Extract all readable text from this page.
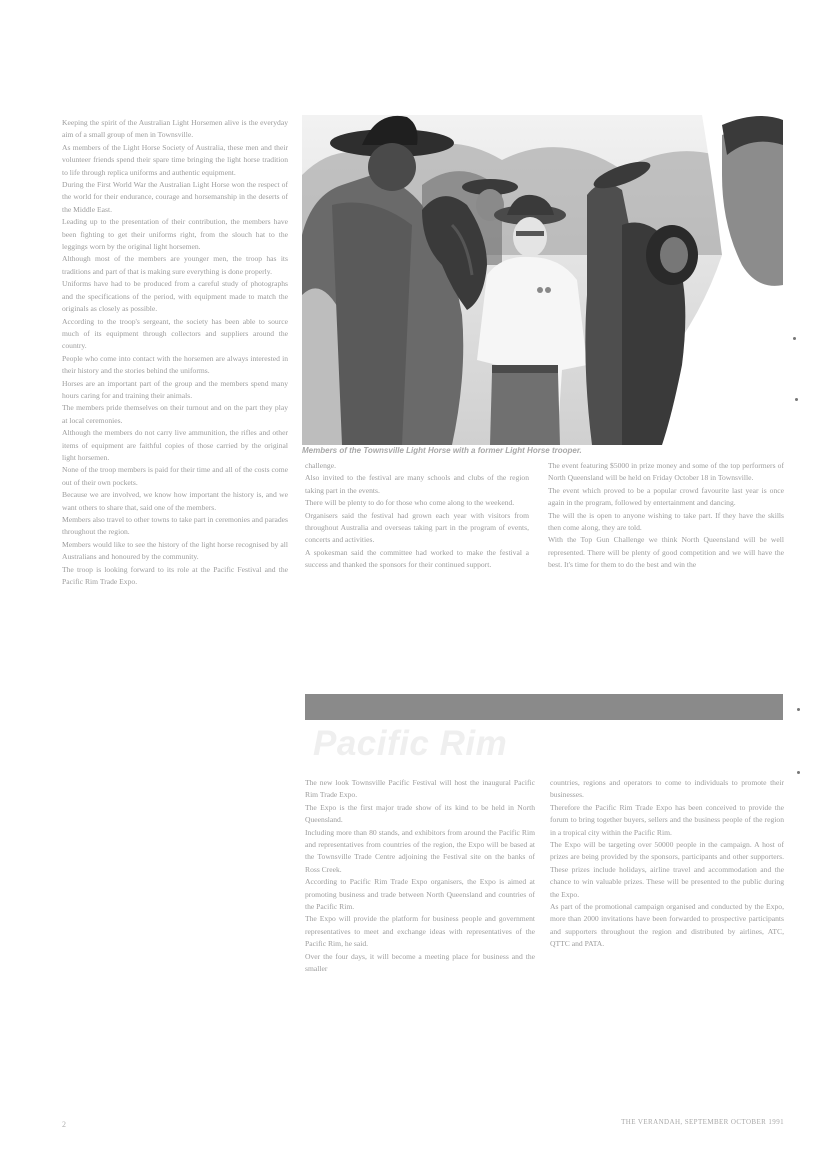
Keeping the spirit of the Australian Light Horsemen alive is the everyday aim of a small group of men in Townsville.

As members of the Light Horse Society of Australia, these men and their volunteer friends spend their spare time bringing the light horse tradition to life through replica uniforms and authentic equipment.

During the First World War the Australian Light Horse won the respect of the world for their endurance, courage and horsemanship in the deserts of the Middle East.

Leading up to the presentation of their contribution, the members have been fighting to get their uniforms right, from the slouch hat to the leggings worn by the original light horsemen.

Although most of the members are younger men, the troop has its traditions and part of that is making sure everything is done properly.

Uniforms have had to be produced from a careful study of photographs and the specifications of the period, with equipment made to match the originals as closely as possible.

According to the troop's sergeant, the society has been able to source much of its equipment through collectors and suppliers around the country.

People who come into contact with the horsemen are always interested in their history and the stories behind the uniforms.

Horses are an important part of the group and the members spend many hours caring for and training their animals.

The members pride themselves on their turnout and on the part they play at local ceremonies.

Although the members do not carry live ammunition, the rifles and other items of equipment are faithful copies of those carried by the original light horsemen.

None of the troop members is paid for their time and all of the costs come out of their own pockets.

Because we are involved, we know how important the history is, and we want others to share that, said one of the members.

Members also travel to other towns to take part in ceremonies and parades throughout the region.

Members would like to see the history of the light horse recognised by all Australians and honoured by the community.

The troop is looking forward to its role at the Pacific Festival and the Pacific Rim Trade Expo.

Members of the Townsville Light Horse with a former Light Horse trooper.

challenge.

Also invited to the festival are many schools and clubs of the region taking part in the events.

There will be plenty to do for those who come along to the weekend.

Organisers said the festival had grown each year with visitors from throughout Australia and overseas taking part in the program of events, concerts and activities.

A spokesman said the committee had worked to make the festival a success and thanked the sponsors for their continued support.

The event featuring $5000 in prize money and some of the top performers of North Queensland will be held on Friday October 18 in Townsville.

The event which proved to be a popular crowd favourite last year is once again in the program, followed by entertainment and dancing.

The will the is open to anyone wishing to take part. If they have the skills then come along, they are told.

With the Top Gun Challenge we think North Queensland will be well represented. There will be plenty of good competition and we will have the best. It's time for them to do the best and win the

Pacific Rim

The new look Townsville Pacific Festival will host the inaugural Pacific Rim Trade Expo.

The Expo is the first major trade show of its kind to be held in North Queensland.

Including more than 80 stands, and exhibitors from around the Pacific Rim and representatives from countries of the region, the Expo will be based at the Townsville Trade Centre adjoining the Festival site on the banks of Ross Creek.

According to Pacific Rim Trade Expo organisers, the Expo is aimed at promoting business and trade between North Queensland and countries of the Pacific Rim.

The Expo will provide the platform for business people and government representatives to meet and exchange ideas with representatives of the Pacific Rim, he said.

Over the four days, it will become a meeting place for business and the smaller

countries, regions and operators to come to individuals to promote their businesses.

Therefore the Pacific Rim Trade Expo has been conceived to provide the forum to bring together buyers, sellers and the business people of the region in a tropical city within the Pacific Rim.

The Expo will be targeting over 50000 people in the campaign. A host of prizes are being provided by the sponsors, participants and other supporters. These prizes include holidays, airline travel and accommodation and the chance to win valuable prizes. These will be presented to the public during the Expo.

As part of the promotional campaign organised and conducted by the Expo, more than 2000 invitations have been forwarded to prospective participants and supporters throughout the region and distributed by airlines, ATC, QTTC and PATA.

2	THE VERANDAH, SEPTEMBER OCTOBER 1991
